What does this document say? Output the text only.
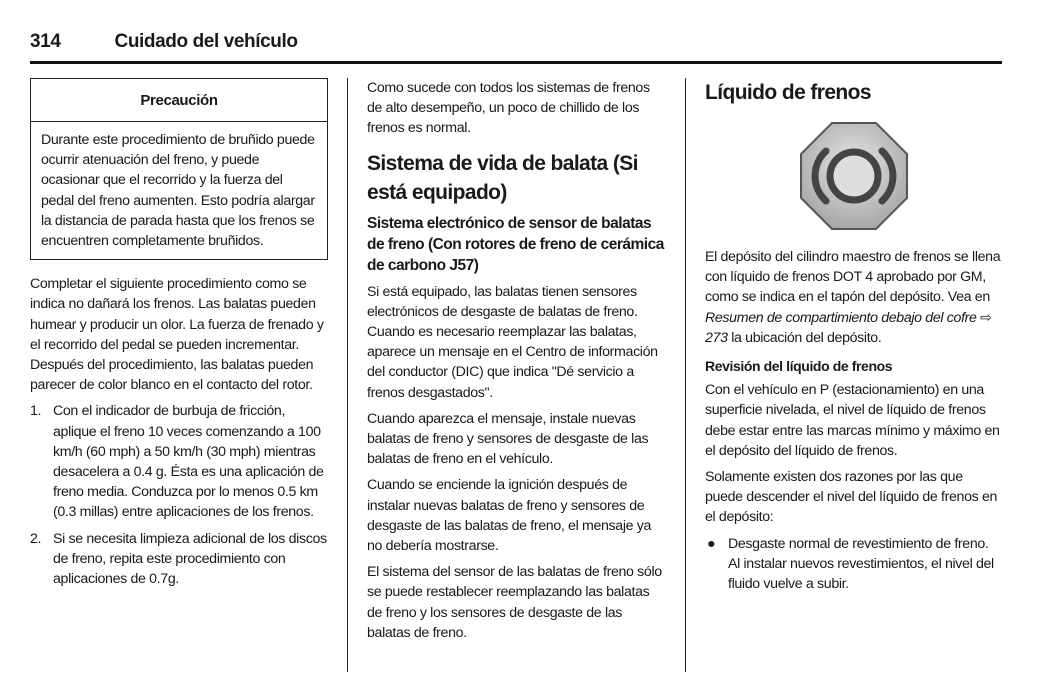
314	Cuidado del vehículo
Precaución
Durante este procedimiento de bruñido puede ocurrir atenuación del freno, y puede ocasionar que el recorrido y la fuerza del pedal del freno aumenten. Esto podría alargar la distancia de parada hasta que los frenos se encuentren completamente bruñidos.

Completar el siguiente procedimiento como se indica no dañará los frenos. Las balatas pueden humear y producir un olor. La fuerza de frenado y el recorrido del pedal se pueden incrementar. Después del procedimiento, las balatas pueden parecer de color blanco en el contacto del rotor.

1. Con el indicador de burbuja de fricción, aplique el freno 10 veces comenzando a 100 km/h (60 mph) a 50 km/h (30 mph) mientras desacelera a 0.4 g. Ésta es una aplicación de freno media. Conduzca por lo menos 0.5 km (0.3 millas) entre aplicaciones de los frenos.
2. Si se necesita limpieza adicional de los discos de freno, repita este procedimiento con aplicaciones de 0.7g.

Como sucede con todos los sistemas de frenos de alto desempeño, un poco de chillido de los frenos es normal.

Sistema de vida de balata (Si está equipado)
Sistema electrónico de sensor de balatas de freno (Con rotores de freno de cerámica de carbono J57)

Si está equipado, las balatas tienen sensores electrónicos de desgaste de balatas de freno. Cuando es necesario reemplazar las balatas, aparece un mensaje en el Centro de información del conductor (DIC) que indica "Dé servicio a frenos desgastados".

Cuando aparezca el mensaje, instale nuevas balatas de freno y sensores de desgaste de las balatas de freno en el vehículo.

Cuando se enciende la ignición después de instalar nuevas balatas de freno y sensores de desgaste de las balatas de freno, el mensaje ya no debería mostrarse.

El sistema del sensor de las balatas de freno sólo se puede restablecer reemplazando las balatas de freno y los sensores de desgaste de las balatas de freno.

Líquido de frenos

El depósito del cilindro maestro de frenos se llena con líquido de frenos DOT 4 aprobado por GM, como se indica en el tapón del depósito. Vea en Resumen de compartimiento debajo del cofre ⇨ 273 la ubicación del depósito.

Revisión del líquido de frenos

Con el vehículo en P (estacionamiento) en una superficie nivelada, el nivel de líquido de frenos debe estar entre las marcas mínimo y máximo en el depósito del líquido de frenos.

Solamente existen dos razones por las que puede descender el nivel del líquido de frenos en el depósito:

● Desgaste normal de revestimiento de freno. Al instalar nuevos revestimientos, el nivel del fluido vuelve a subir.
